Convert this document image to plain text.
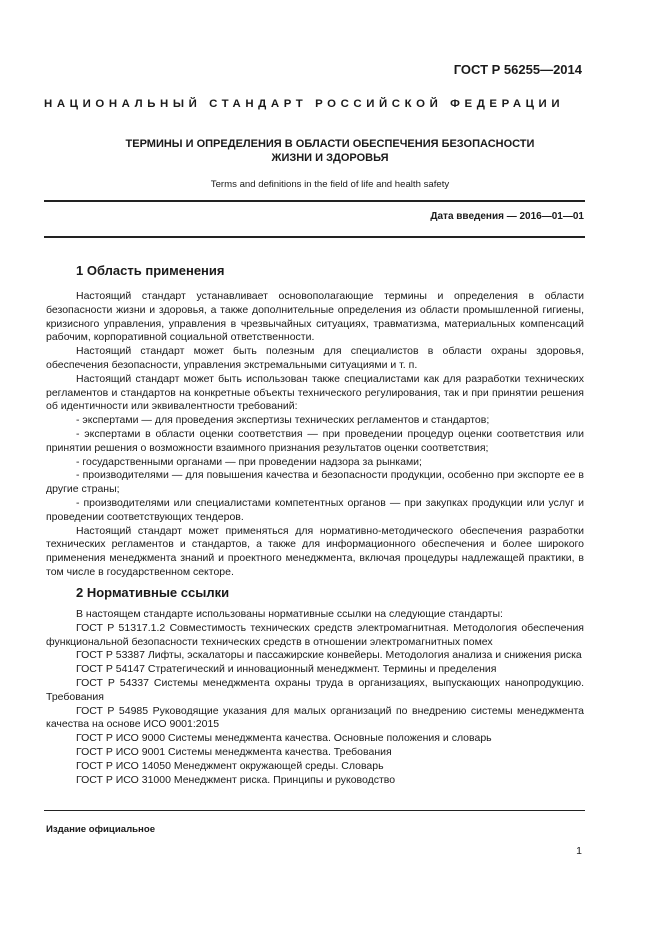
ГОСТ Р 56255—2014
НАЦИОНАЛЬНЫЙ СТАНДАРТ РОССИЙСКОЙ ФЕДЕРАЦИИ
ТЕРМИНЫ И ОПРЕДЕЛЕНИЯ В ОБЛАСТИ ОБЕСПЕЧЕНИЯ БЕЗОПАСНОСТИ
ЖИЗНИ И ЗДОРОВЬЯ
Terms and definitions in the field of life and health safety
Дата введения — 2016—01—01
1 Область применения

Настоящий стандарт устанавливает основополагающие термины и определения в области безопасности жизни и здоровья, а также дополнительные определения из области промышленной гигиены, кризисного управления, управления в чрезвычайных ситуациях, травматизма, материальных компенсаций рабочим, корпоративной социальной ответственности.

Настоящий стандарт может быть полезным для специалистов в области охраны здоровья, обеспечения безопасности, управления экстремальными ситуациями и т. п.

Настоящий стандарт может быть использован также специалистами как для разработки технических регламентов и стандартов на конкретные объекты технического регулирования, так и при принятии решения об идентичности или эквивалентности требований:

- экспертами — для проведения экспертизы технических регламентов и стандартов;

- экспертами в области оценки соответствия — при проведении процедур оценки соответствия или принятии решения о возможности взаимного признания результатов оценки соответствия;

- государственными органами — при проведении надзора за рынками;

- производителями — для повышения качества и безопасности продукции, особенно при экспорте ее в другие страны;

- производителями или специалистами компетентных органов — при закупках продукции или услуг и проведении соответствующих тендеров.

Настоящий стандарт может применяться для нормативно-методического обеспечения разработки технических регламентов и стандартов, а также для информационного обеспечения и более широкого применения менеджмента знаний и проектного менеджмента, включая процедуры надлежащей практики, в том числе в государственном секторе.

2 Нормативные ссылки

В настоящем стандарте использованы нормативные ссылки на следующие стандарты:

ГОСТ Р 51317.1.2 Совместимость технических средств электромагнитная. Методология обеспечения функциональной безопасности технических средств в отношении электромагнитных помех

ГОСТ Р 53387 Лифты, эскалаторы и пассажирские конвейеры. Методология анализа и снижения риска

ГОСТ Р 54147 Стратегический и инновационный менеджмент. Термины и пределения

ГОСТ Р 54337 Системы менеджмента охраны труда в организациях, выпускающих нанопродукцию. Требования

ГОСТ Р 54985 Руководящие указания для малых организаций по внедрению системы менеджмента качества на основе ИСО 9001:2015

ГОСТ Р ИСО 9000 Системы менеджмента качества. Основные положения и словарь

ГОСТ Р ИСО 9001 Системы менеджмента качества. Требования

ГОСТ Р ИСО 14050 Менеджмент окружающей среды. Словарь

ГОСТ Р ИСО 31000 Менеджмент риска. Принципы и руководство

Издание официальное
1
